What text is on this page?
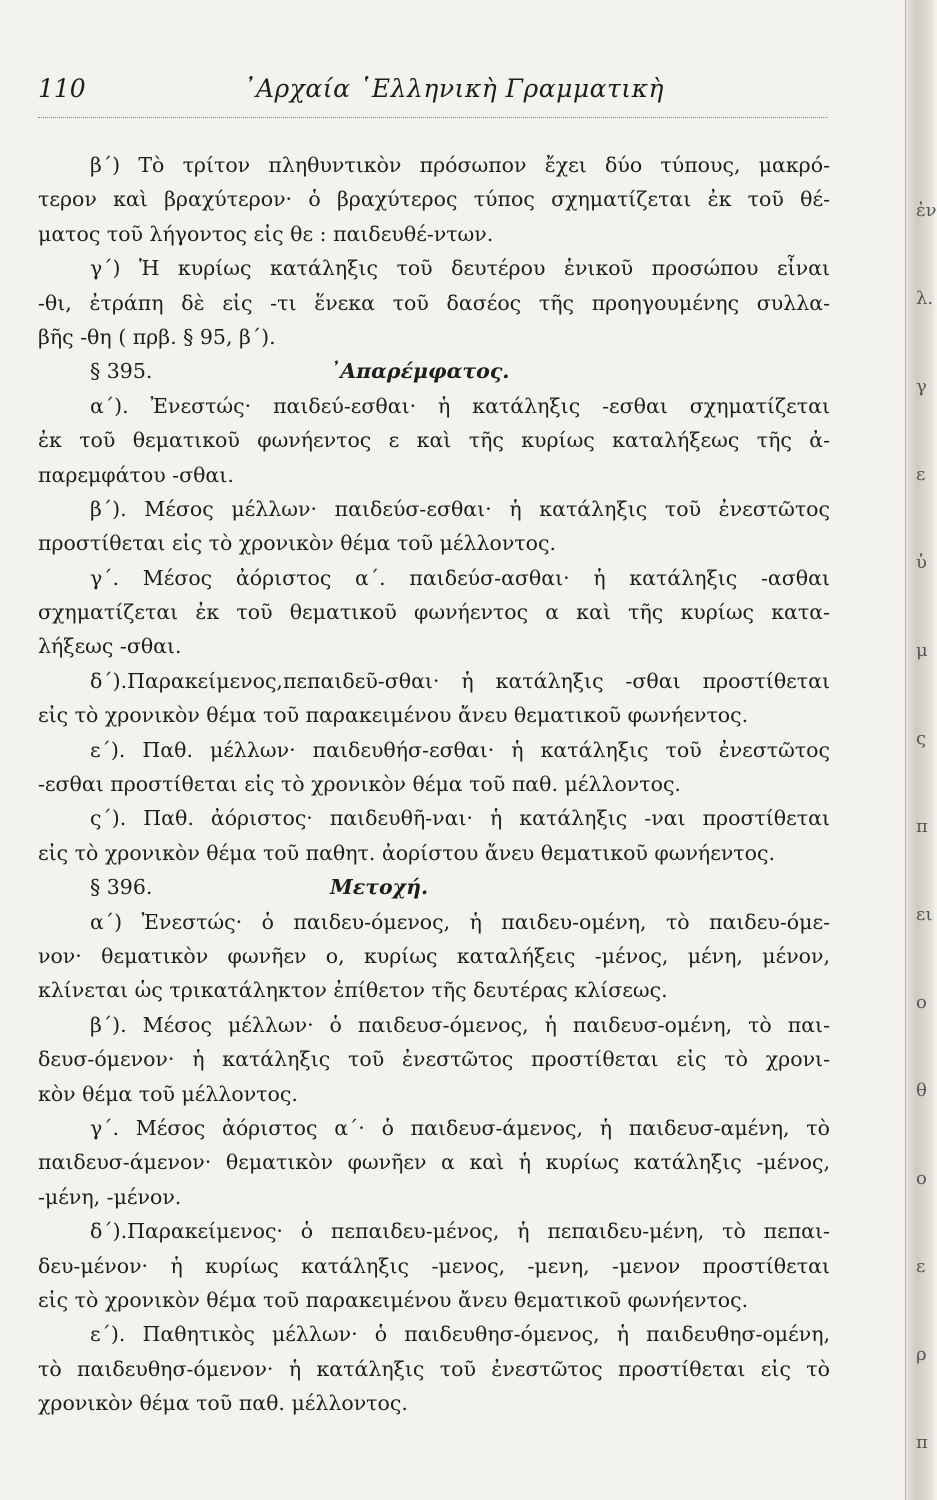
110	᾿Αρχαία ῾Ελληνικὴ Γραμματικὴ
β΄) Τὸ τρίτον πληθυντικὸν πρόσωπον ἔχει δύο τύπους, μακρό-
τερον καὶ βραχύτερον· ὁ βραχύτερος τύπος σχηματίζεται ἐκ τοῦ θέ-
ματος τοῦ λήγοντος εἰς θε : παιδευθέ-ντων.
γ΄) Ἡ κυρίως κατάληξις τοῦ δευτέρου ἑνικοῦ προσώπου εἶναι
-θι, ἐτράπη δὲ εἰς -τι ἕνεκα τοῦ δασέος τῆς προηγουμένης συλλα-
βῆς -θη ( πρβ. § 95, β΄).
§ 395.	᾿Απαρέμφατος.
α΄). Ἐνεστώς· παιδεύ-εσθαι· ἡ κατάληξις -εσθαι σχηματίζεται
ἐκ τοῦ θεματικοῦ φωνήεντος ε καὶ τῆς κυρίως καταλήξεως τῆς ἀ-
παρεμφάτου -σθαι.
β΄). Μέσος μέλλων· παιδεύσ-εσθαι· ἡ κατάληξις τοῦ ἐνεστῶτος
προστίθεται εἰς τὸ χρονικὸν θέμα τοῦ μέλλοντος.
γ΄. Μέσος ἀόριστος α΄. παιδεύσ-ασθαι· ἡ κατάληξις -ασθαι
σχηματίζεται ἐκ τοῦ θεματικοῦ φωνήεντος α καὶ τῆς κυρίως κατα-
λήξεως -σθαι.
δ΄).Παρακείμενος,πεπαιδεῦ-σθαι· ἡ κατάληξις -σθαι προστίθεται
εἰς τὸ χρονικὸν θέμα τοῦ παρακειμένου ἄνευ θεματικοῦ φωνήεντος.
ε΄). Παθ. μέλλων· παιδευθήσ-εσθαι· ἡ κατάληξις τοῦ ἐνεστῶτος
-εσθαι προστίθεται εἰς τὸ χρονικὸν θέμα τοῦ παθ. μέλλοντος.
ς΄). Παθ. ἀόριστος· παιδευθῆ-ναι· ἡ κατάληξις -ναι προστίθεται
εἰς τὸ χρονικὸν θέμα τοῦ παθητ. ἀορίστου ἄνευ θεματικοῦ φωνήεντος.
§ 396.	Μετοχή.
α΄) Ἐνεστώς· ὁ παιδευ-όμενος, ἡ παιδευ-ομένη, τὸ παιδευ-όμε-
νον· θεματικὸν φωνῆεν ο, κυρίως καταλήξεις -μένος, μένη, μένον,
κλίνεται ὡς τρικατάληκτον ἐπίθετον τῆς δευτέρας κλίσεως.
β΄). Μέσος μέλλων· ὁ παιδευσ-όμενος, ἡ παιδευσ-ομένη, τὸ παι-
δευσ-όμενον· ἡ κατάληξις τοῦ ἐνεστῶτος προστίθεται εἰς τὸ χρονι-
κὸν θέμα τοῦ μέλλοντος.
γ΄. Μέσος ἀόριστος α΄· ὁ παιδευσ-άμενος, ἡ παιδευσ-αμένη, τὸ
παιδευσ-άμενον· θεματικὸν φωνῆεν α καὶ ἡ κυρίως κατάληξις -μένος,
-μένη, -μένον.
δ΄).Παρακείμενος· ὁ πεπαιδευ-μένος, ἡ πεπαιδευ-μένη, τὸ πεπαι-
δευ-μένον· ἡ κυρίως κατάληξις -μενος, -μενη, -μενον προστίθεται
εἰς τὸ χρονικὸν θέμα τοῦ παρακειμένου ἄνευ θεματικοῦ φωνήεντος.
ε΄). Παθητικὸς μέλλων· ὁ παιδευθησ-όμενος, ἡ παιδευθησ-ομένη,
τὸ παιδευθησ-όμενον· ἡ κατάληξις τοῦ ἐνεστῶτος προστίθεται εἰς τὸ
χρονικὸν θέμα τοῦ παθ. μέλλοντος.
ἐν
λ.
γ
ε
ὑ
μ
ς
π
ει
ο
θ
ο
ε
ρ
π
